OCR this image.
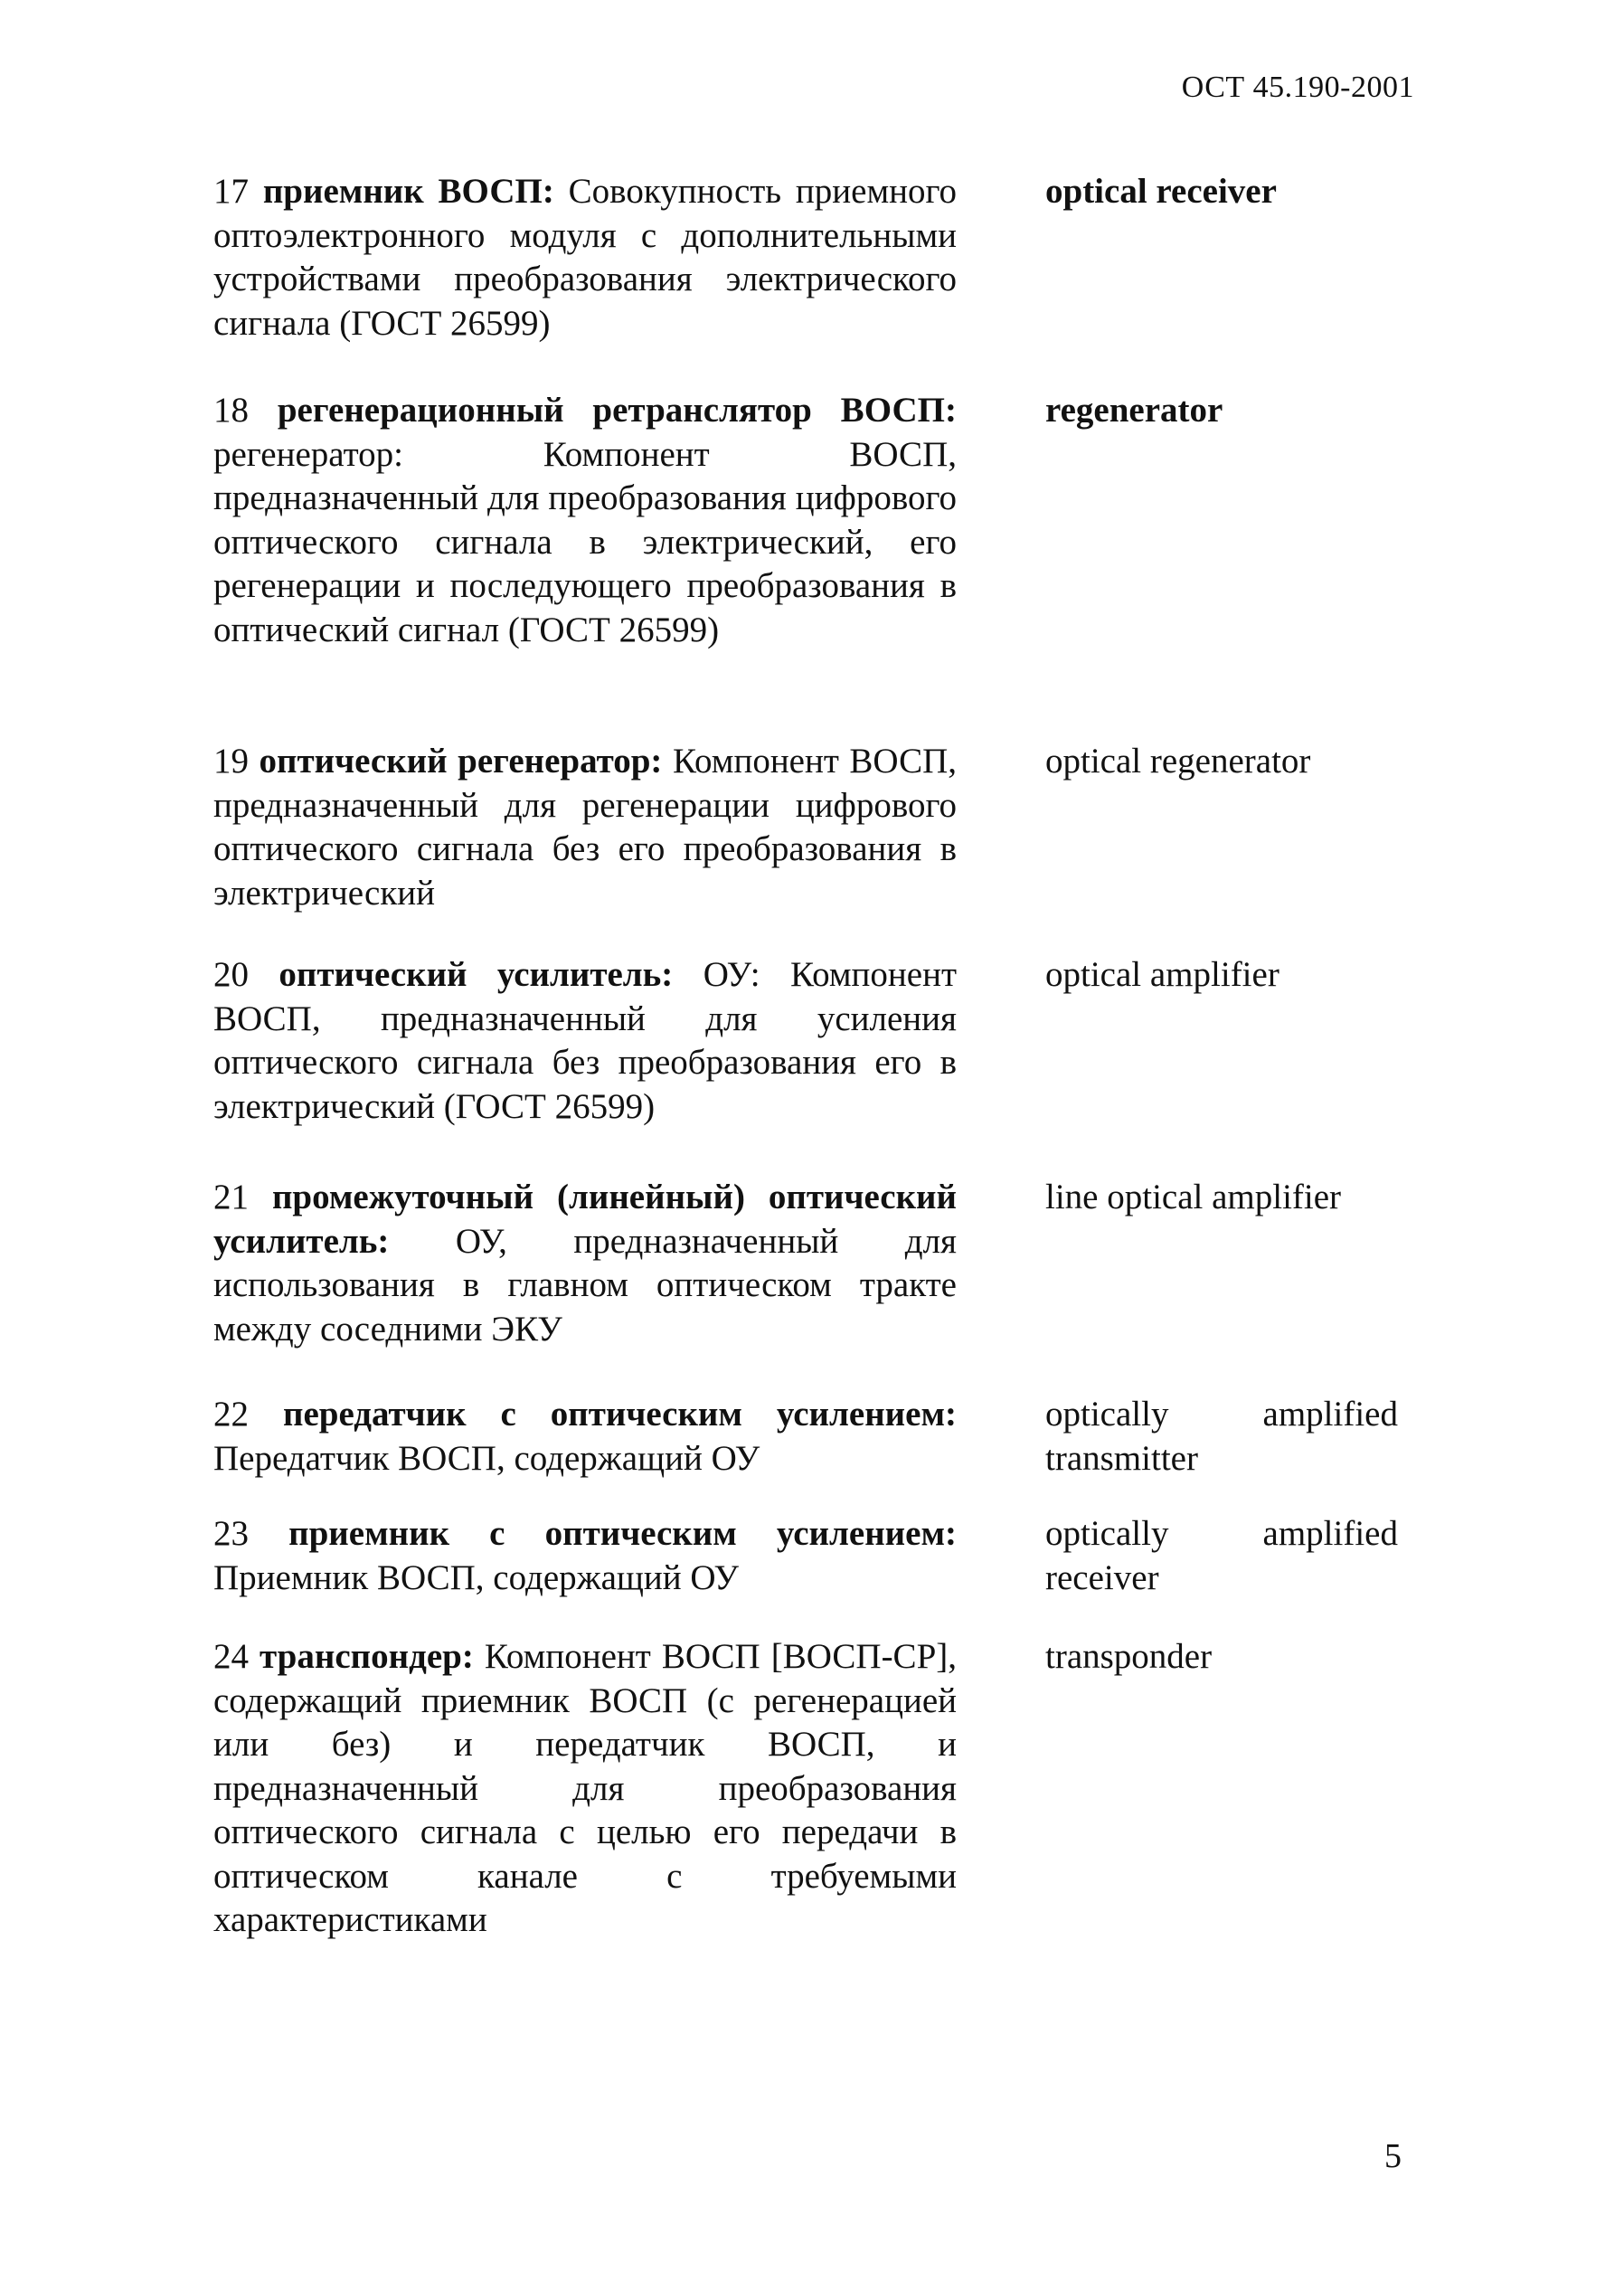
ОСТ 45.190-2001

17 приемник ВОСП: Совокупность приемного оптоэлектронного модуля с дополнительными устройствами преобразования электрического сигнала (ГОСТ 26599)

optical receiver

18 регенерационный ретранслятор ВОСП: регенератор: Компонент ВОСП, предназначенный для преобразования цифрового оптического сигнала в электрический, его регенерации и последующего преобразования в оптический сигнал (ГОСТ 26599)

regenerator

19 оптический регенератор: Компонент ВОСП, предназначенный для регенерации цифрового оптического сигнала без его преобразования в электрический

optical regenerator

20 оптический усилитель: ОУ: Компонент ВОСП, предназначенный для усиления оптического сигнала без преобразования его в электрический (ГОСТ 26599)

optical amplifier

21 промежуточный (линейный) оптический усилитель: ОУ, предназначенный для использования в главном оптическом тракте между соседними ЭКУ

line optical amplifier

22 передатчик с оптическим усилением: Передатчик ВОСП, содержащий ОУ

optically amplified transmitter

23 приемник с оптическим усилением: Приемник ВОСП, содержащий ОУ

optically amplified receiver

24 транспондер: Компонент ВОСП [ВОСП-СР], содержащий приемник ВОСП (с регенерацией или без) и передатчик ВОСП, и предназначенный для преобразования оптического сигнала с целью его передачи в оптическом канале с требуемыми характеристиками

transponder

5
